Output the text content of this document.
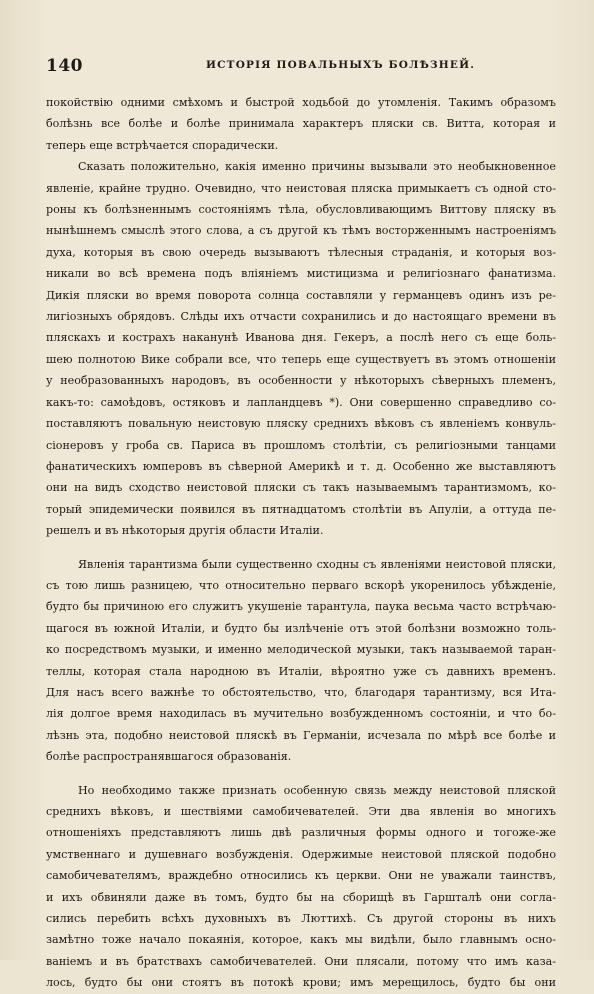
140	ИСТОРІЯ ПОВАЛЬНЫХЪ БОЛѢЗНЕЙ.

покойствію одними смѣхомъ и быстрой ходьбой до утомленія. Такимъ образомъ
болѣзнь все болѣе и болѣе принимала характеръ пляски св. Витта, которая и
теперь еще встрѣчается спорадически.

Сказать положительно, какія именно причины вызывали это необыкновенное
явленіе, крайне трудно. Очевидно, что неистовая пляска примыкаетъ съ одной сто-
роны къ болѣзненнымъ состояніямъ тѣла, обусловливающимъ Виттову пляску въ
нынѣшнемъ смыслѣ этого слова, а съ другой къ тѣмъ восторженнымъ настроеніямъ
духа, которыя въ свою очередь вызываютъ тѣлесныя страданія, и которыя воз-
никали во всѣ времена подъ вліяніемъ мистицизма и религіознаго фанатизма.
Дикія пляски во время поворота солнца составляли у германцевъ одинъ изъ ре-
лигіозныхъ обрядовъ. Слѣды ихъ отчасти сохранились и до настоящаго времени въ
пляскахъ и кострахъ наканунѣ Иванова дня. Гекеръ, а послѣ него съ еще боль-
шею полнотою Вике собрали все, что теперь еще существуетъ въ этомъ отношеніи
у необразованныхъ народовъ, въ особенности у нѣкоторыхъ сѣверныхъ племенъ,
какъ-то: самоѣдовъ, остяковъ и лапландцевъ *). Они совершенно справедливо со-
поставляютъ повальную неистовую пляску среднихъ вѣковъ съ явленіемъ конвуль-
сіонеровъ у гроба св. Париса въ прошломъ столѣтіи, съ религіозными танцами
фанатическихъ юмперовъ въ сѣверной Америкѣ и т. д. Особенно же выставляютъ
они на видъ сходство неистовой пляски съ такъ называемымъ тарантизмомъ, ко-
торый эпидемически появился въ пятнадцатомъ столѣтіи въ Апуліи, а оттуда пе-
решелъ и въ нѣкоторыя другія области Италіи.

Явленія тарантизма были существенно сходны съ явленіями неистовой пляски,
съ тою лишь разницею, что относительно перваго вскорѣ укоренилось убѣжденіе,
будто бы причиною его служитъ укушеніе тарантула, паука весьма часто встрѣчаю-
щагося въ южной Италіи, и будто бы излѣченіе отъ этой болѣзни возможно толь-
ко посредствомъ музыки, и именно мелодической музыки, такъ называемой таран-
теллы, которая стала народною въ Италіи, вѣроятно уже съ давнихъ временъ.
Для насъ всего важнѣе то обстоятельство, что, благодаря тарантизму, вся Ита-
лія долгое время находилась въ мучительно возбужденномъ состояніи, и что бо-
лѣзнь эта, подобно неистовой пляскѣ въ Германіи, исчезала по мѣрѣ все болѣе и
болѣе распространявшагося образованія.

Но необходимо также признать особенную связь между неистовой пляской
среднихъ вѣковъ, и шествіями самобичевателей. Эти два явленія во многихъ
отношеніяхъ представляютъ лишь двѣ различныя формы одного и тогоже-же
умственнаго и душевнаго возбужденія. Одержимые неистовой пляской подобно
самобичевателямъ, враждебно относились къ церкви. Они не уважали таинствъ,
и ихъ обвиняли даже въ томъ, будто бы на сборищѣ въ Гаршталѣ они согла-
сились перебить всѣхъ духовныхъ въ Люттихѣ. Съ другой стороны въ нихъ
замѣтно тоже начало покаянія, которое, какъ мы видѣли, было главнымъ осно-
ваніемъ и въ братствахъ самобичевателей. Они плясали, потому что имъ каза-
лось, будто бы они стоятъ въ потокѣ крови; имъ мерещилось, будто бы они
